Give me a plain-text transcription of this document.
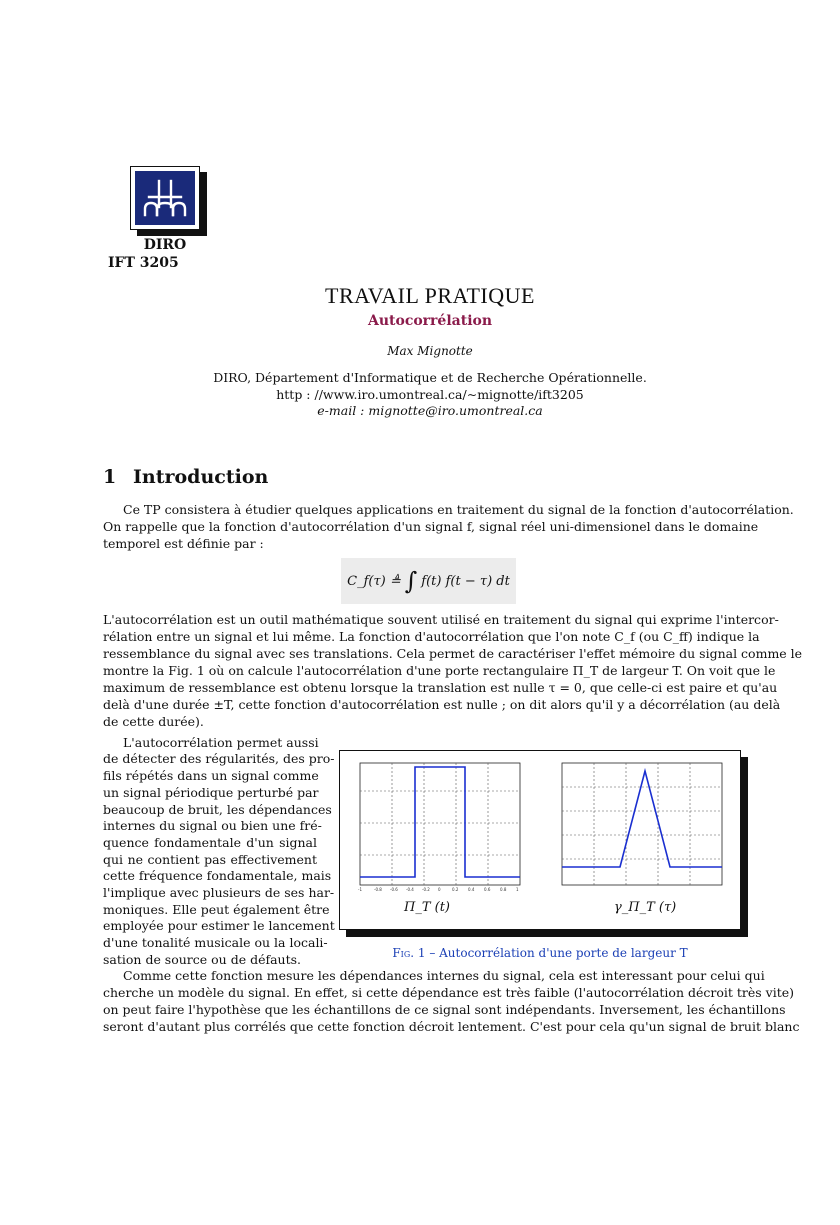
DIRO
IFT 3205
TRAVAIL PRATIQUE
Autocorrélation
Max Mignotte
DIRO, Département d'Informatique et de Recherche Opérationnelle.
http : //www.iro.umontreal.ca/∼mignotte/ift3205
e-mail : mignotte@iro.umontreal.ca
1 Introduction
Ce TP consistera à étudier quelques applications en traitement du signal de la fonction d'autocorrélation.
On rappelle que la fonction d'autocorrélation d'un signal f, signal réel uni-dimensionel dans le domaine
temporel est définie par :
C_f(τ) ≜ ∫ f(t) f(t − τ) dt
L'autocorrélation est un outil mathématique souvent utilisé en traitement du signal qui exprime l'intercor-
rélation entre un signal et lui même. La fonction d'autocorrélation que l'on note C_f (ou C_ff) indique la
ressemblance du signal avec ses translations. Cela permet de caractériser l'effet mémoire du signal comme le
montre la Fig. 1 où on calcule l'autocorrélation d'une porte rectangulaire Π_T de largeur T. On voit que le
maximum de ressemblance est obtenu lorsque la translation est nulle τ = 0, que celle-ci est paire et qu'au
delà d'une durée ±T, cette fonction d'autocorrélation est nulle ; on dit alors qu'il y a décorrélation (au delà
de cette durée).
L'autocorrélation permet aussi
de détecter des régularités, des pro-
fils répétés dans un signal comme
un signal périodique perturbé par
beaucoup de bruit, les dépendances
internes du signal ou bien une fré-
quence fondamentale d'un signal
qui ne contient pas effectivement
cette fréquence fondamentale, mais
l'implique avec plusieurs de ses har-
moniques. Elle peut également être
employée pour estimer le lancement
d'une tonalité musicale ou la locali-
sation de source ou de défauts.
-1	-0.8 -0.6 -0.4 -0.2 0	0.2 0.4 0.6 0.8 1
Π_T (t)	γ_Π_T (τ)
Fig. 1 – Autocorrélation d'une porte de largeur T
Comme cette fonction mesure les dépendances internes du signal, cela est interessant pour celui qui
cherche un modèle du signal. En effet, si cette dépendance est très faible (l'autocorrélation décroit très vite)
on peut faire l'hypothèse que les échantillons de ce signal sont indépendants. Inversement, les échantillons
seront d'autant plus corrélés que cette fonction décroit lentement. C'est pour cela qu'un signal de bruit blanc
